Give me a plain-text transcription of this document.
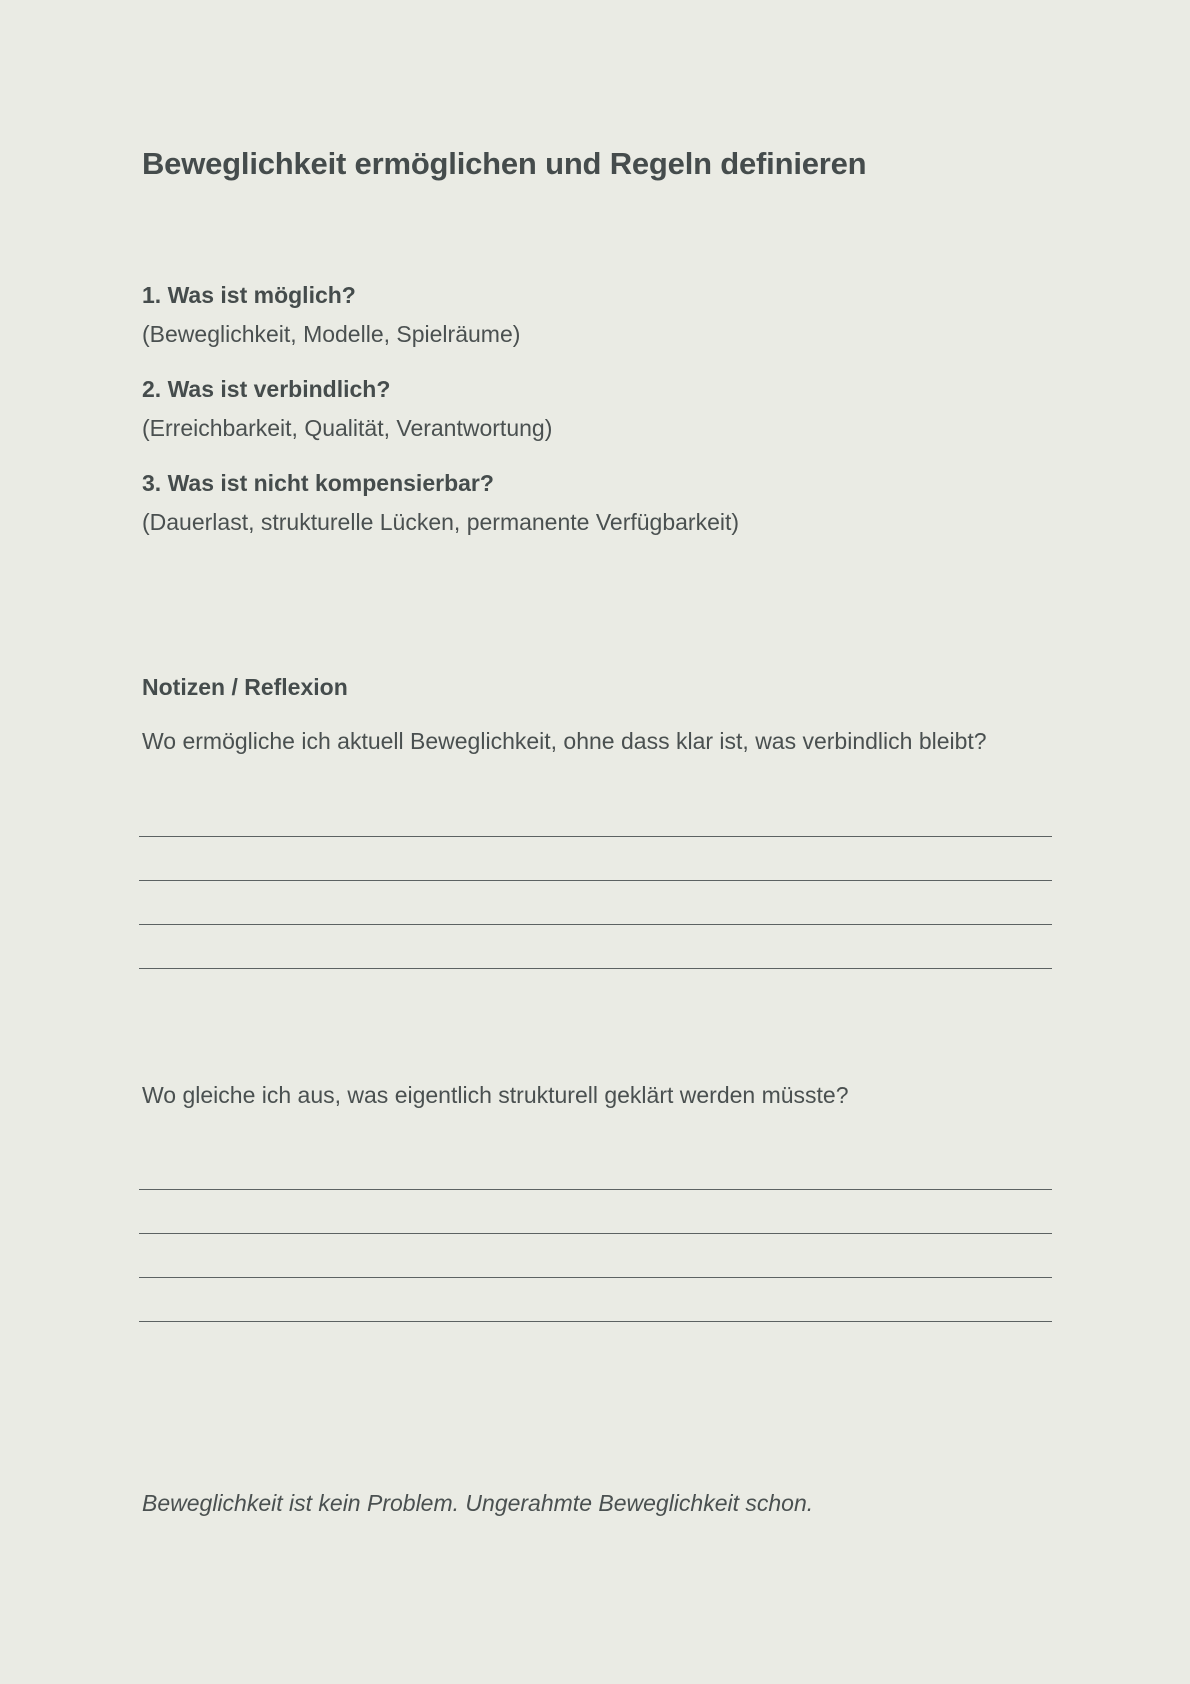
Beweglichkeit ermöglichen und Regeln definieren

1. Was ist möglich?

(Beweglichkeit, Modelle, Spielräume)

2. Was ist verbindlich?

(Erreichbarkeit, Qualität, Verantwortung)

3. Was ist nicht kompensierbar?

(Dauerlast, strukturelle Lücken, permanente Verfügbarkeit)

Notizen / Reflexion

Wo ermögliche ich aktuell Beweglichkeit, ohne dass klar ist, was verbindlich bleibt?

Wo gleiche ich aus, was eigentlich strukturell geklärt werden müsste?

Beweglichkeit ist kein Problem. Ungerahmte Beweglichkeit schon.
